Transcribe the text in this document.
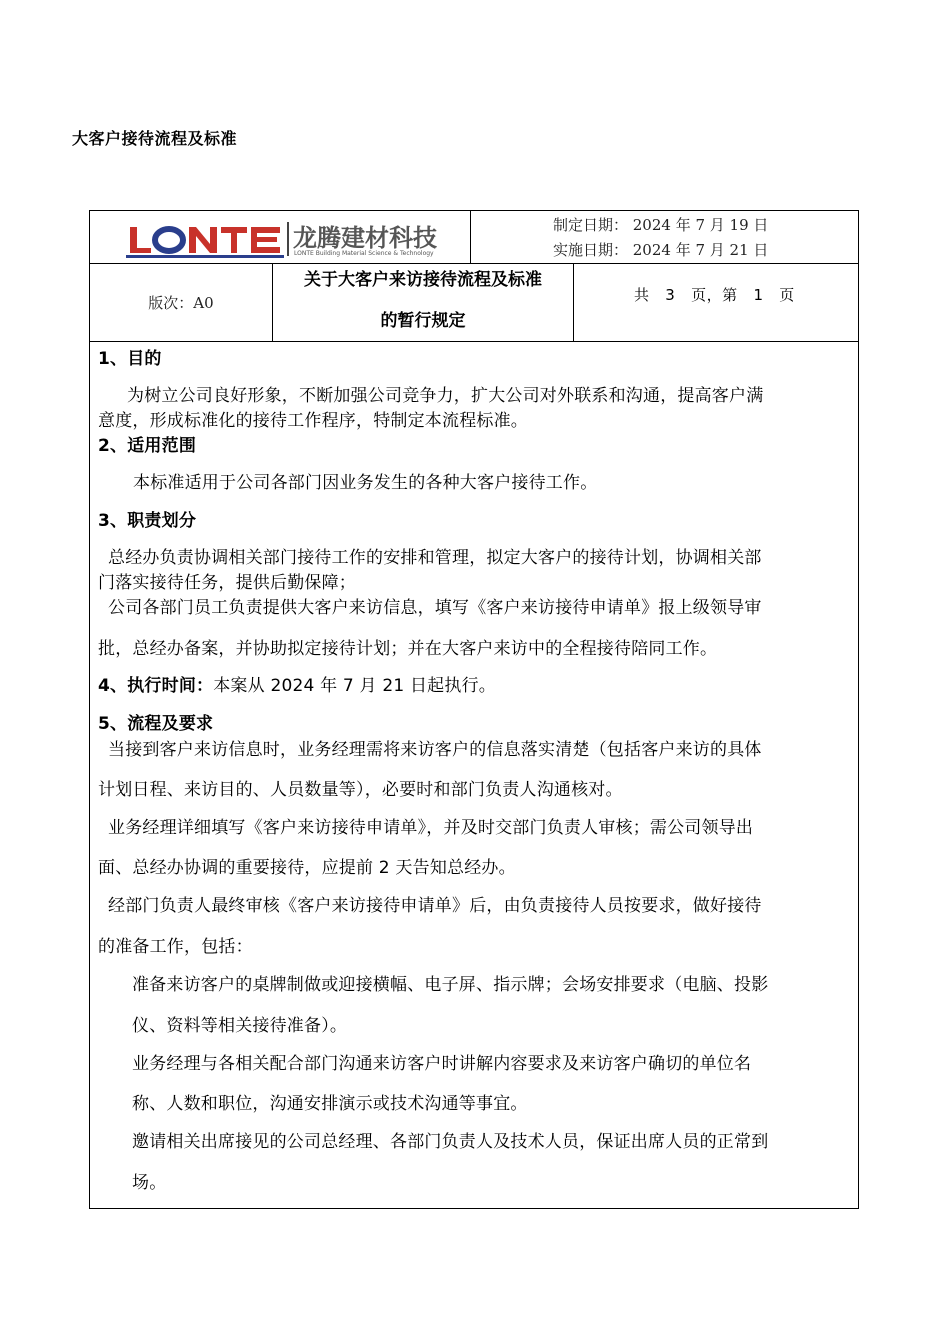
大客户接待流程及标准
龙腾建材科技
LONTE Building Material Science & Technology
制定日期： 2024 年 7 月 19 日
实施日期： 2024 年 7 月 21 日
版次：A0
关于大客户来访接待流程及标准
的暂行规定
共   3   页，第   1   页
1、目的
为树立公司良好形象，不断加强公司竞争力，扩大公司对外联系和沟通，提高客户满
意度，形成标准化的接待工作程序，特制定本流程标准。
2、适用范围
本标准适用于公司各部门因业务发生的各种大客户接待工作。
3、职责划分
总经办负责协调相关部门接待工作的安排和管理，拟定大客户的接待计划，协调相关部
门落实接待任务，提供后勤保障；
公司各部门员工负责提供大客户来访信息，填写《客户来访接待申请单》报上级领导审
批，总经办备案，并协助拟定接待计划；并在大客户来访中的全程接待陪同工作。
4、执行时间：本案从 2024 年 7 月 21 日起执行。
5、流程及要求
当接到客户来访信息时，业务经理需将来访客户的信息落实清楚（包括客户来访的具体
计划日程、来访目的、人员数量等），必要时和部门负责人沟通核对。
业务经理详细填写《客户来访接待申请单》，并及时交部门负责人审核；需公司领导出
面、总经办协调的重要接待，应提前 2 天告知总经办。
经部门负责人最终审核《客户来访接待申请单》后，由负责接待人员按要求，做好接待
的准备工作，包括：
准备来访客户的桌牌制做或迎接横幅、电子屏、指示牌；会场安排要求（电脑、投影
仪、资料等相关接待准备）。
业务经理与各相关配合部门沟通来访客户时讲解内容要求及来访客户确切的单位名
称、人数和职位，沟通安排演示或技术沟通等事宜。
邀请相关出席接见的公司总经理、各部门负责人及技术人员，保证出席人员的正常到
场。
